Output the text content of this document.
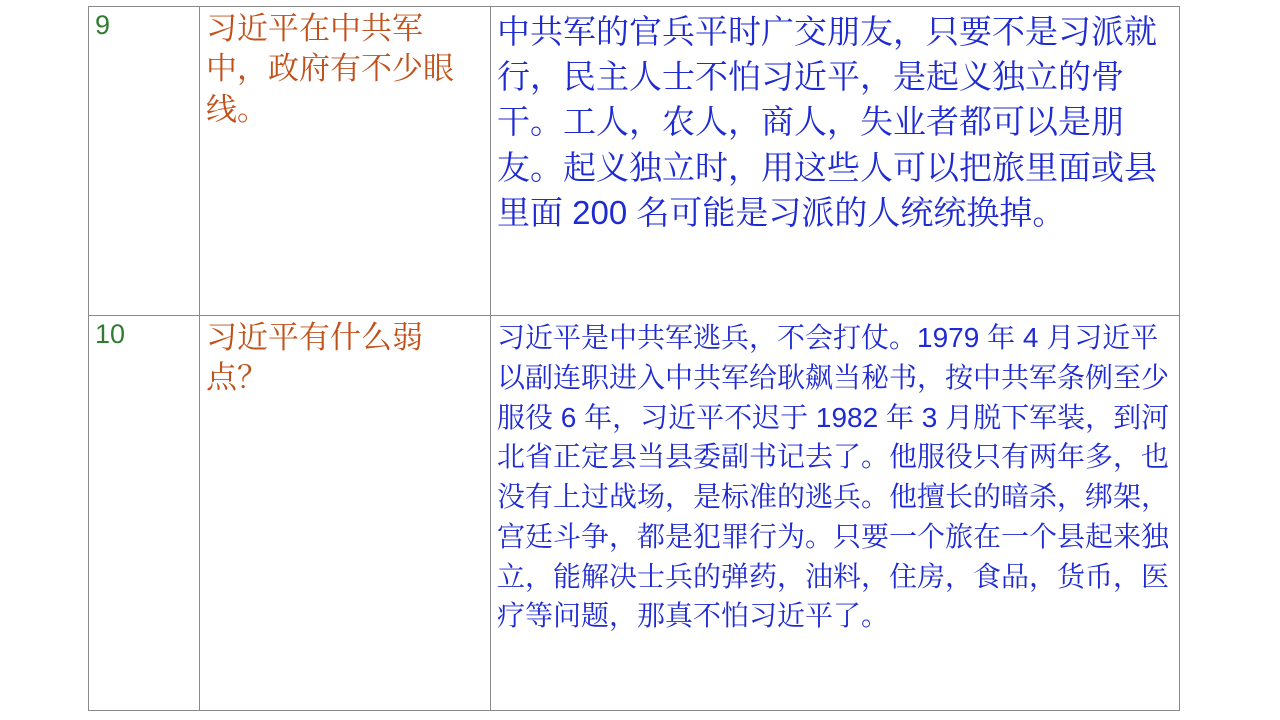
9	习近平在中共军中，政府有不少眼线。	中共军的官兵平时广交朋友，只要不是习派就行，民主人士不怕习近平，是起义独立的骨干。工人，农人，商人，失业者都可以是朋友。起义独立时，用这些人可以把旅里面或县里面 200 名可能是习派的人统统换掉。
10	习近平有什么弱点？	习近平是中共军逃兵，不会打仗。1979 年 4 月习近平以副连职进入中共军给耿飙当秘书，按中共军条例至少服役 6 年，习近平不迟于 1982 年 3 月脱下军装，到河北省正定县当县委副书记去了。他服役只有两年多，也没有上过战场，是标准的逃兵。他擅长的暗杀，绑架，宫廷斗争，都是犯罪行为。只要一个旅在一个县起来独立，能解决士兵的弹药，油料，住房，食品，货币，医疗等问题，那真不怕习近平了。
